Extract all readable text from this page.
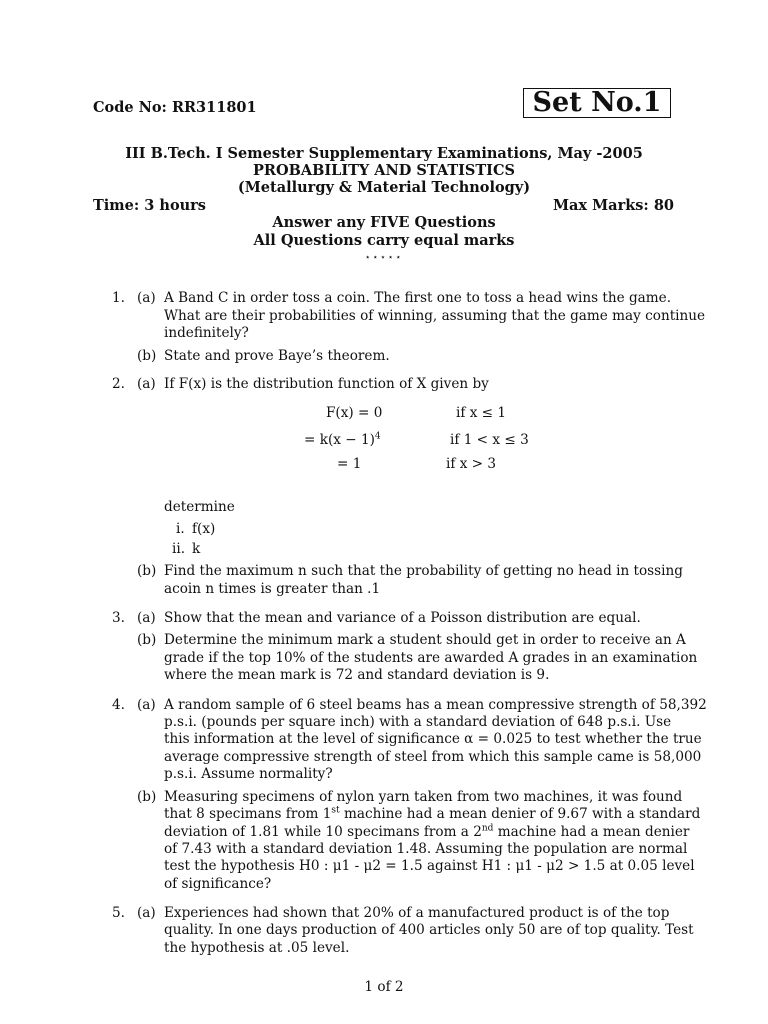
Code No: RR311801	Set No.1
III B.Tech. I Semester Supplementary Examinations, May -2005
PROBABILITY AND STATISTICS
(Metallurgy & Material Technology)
Time: 3 hours	Max Marks: 80
Answer any FIVE Questions
All Questions carry equal marks
⋆⋆⋆⋆⋆
1. (a) A Band C in order toss a coin. The first one to toss a head wins the game.
What are their probabilities of winning, assuming that the game may continue
indefinitely?
(b) State and prove Baye’s theorem.
2. (a) If F(x) is the distribution function of X given by
F(x) = 0	if x ≤ 1
= $k(x - 1)^4$	if 1 < x ≤ 3
= 1	if x > 3
determine
i. f(x)
ii. k
(b) Find the maximum n such that the probability of getting no head in tossing
acoin n times is greater than .1
3. (a) Show that the mean and variance of a Poisson distribution are equal.
(b) Determine the minimum mark a student should get in order to receive an A
grade if the top 10% of the students are awarded A grades in an examination
where the mean mark is 72 and standard deviation is 9.
4. (a) A random sample of 6 steel beams has a mean compressive strength of 58,392
p.s.i. (pounds per square inch) with a standard deviation of 648 p.s.i. Use
this information at the level of significance α = 0.025 to test whether the true
average compressive strength of steel from which this sample came is 58,000
p.s.i. Assume normality?
(b) Measuring specimens of nylon yarn taken from two machines, it was found
that 8 specimans from 1st machine had a mean denier of 9.67 with a standard
deviation of 1.81 while 10 specimans from a 2nd machine had a mean denier
of 7.43 with a standard deviation 1.48. Assuming the population are normal
test the hypothesis H0 : μ1 - μ2 = 1.5 against H1 : μ1 - μ2 > 1.5 at 0.05 level
of significance?
5. (a) Experiences had shown that 20% of a manufactured product is of the top
quality. In one days production of 400 articles only 50 are of top quality. Test
the hypothesis at .05 level.
1 of 2
